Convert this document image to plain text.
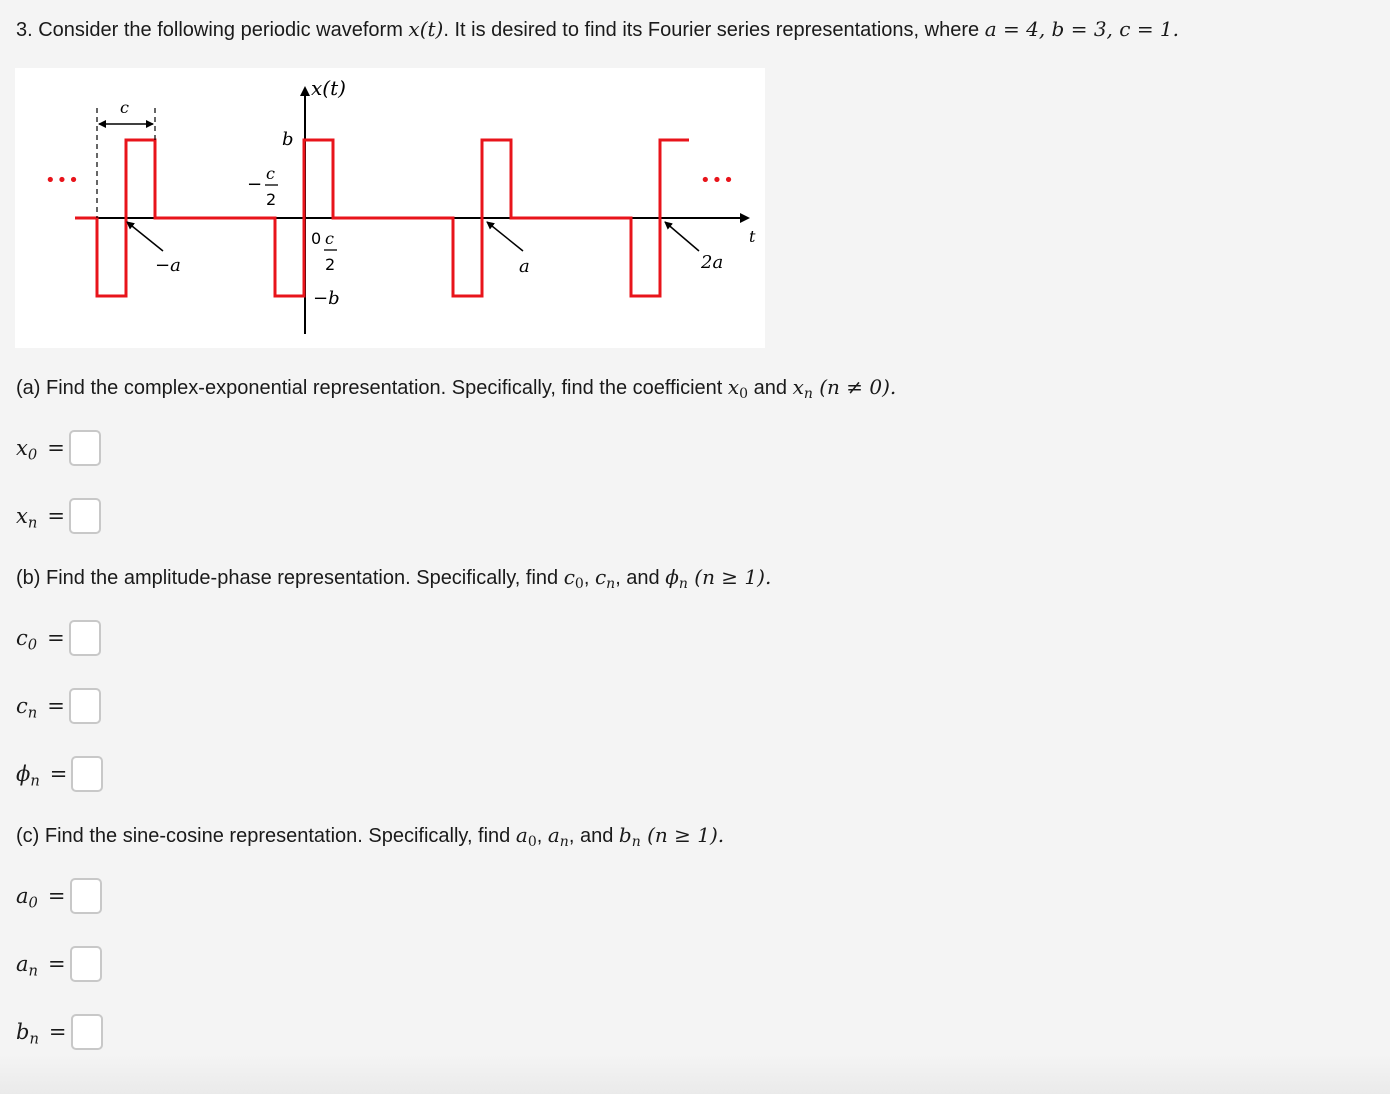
3. Consider the following periodic waveform x(t). It is desired to find its Fourier series representations, where a = 4, b = 3, c = 1.
x(t)
t
c
b
−
c
2
0 c
2
−b
−a	a	2a
•••	•••
(a) Find the complex-exponential representation. Specifically, find the coefficient $x_0$ and $x_n$ (n ≠ 0).
$x_0$ =
$x_n$ =
(b) Find the amplitude-phase representation. Specifically, find $c_0$, $c_n$, and $\phi_n$ (n ≥ 1).
$c_0$ =
$c_n$ =
$\phi_n$ =
(c) Find the sine-cosine representation. Specifically, find $a_0$, $a_n$, and $b_n$ (n ≥ 1).
$a_0$ =
$a_n$ =
$b_n$ =
